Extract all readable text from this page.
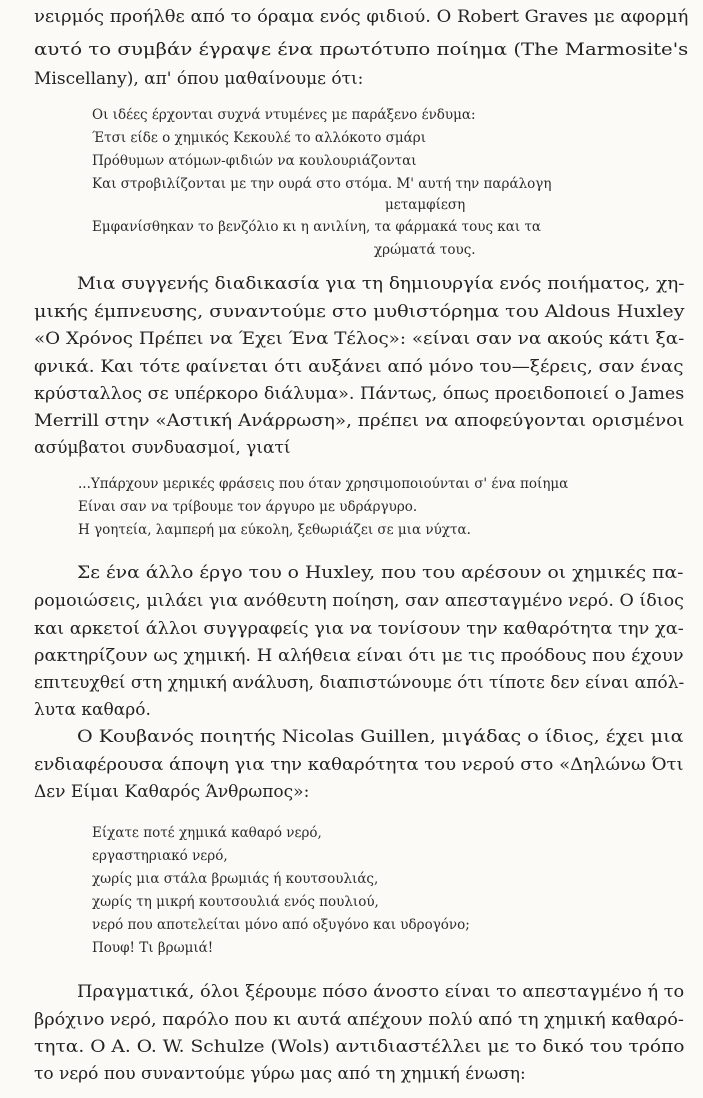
νειρμός προήλθε από το όραμα ενός φιδιού. O Robert Graves με αφορμή
αυτό το συμβάν έγραψε ένα πρωτότυπο ποίημα (The Marmosite's
Miscellany), απ' όπου μαθαίνουμε ότι:
Οι ιδέες έρχονται συχνά ντυμένες με παράξενο ένδυμα:
Έτσι είδε ο χημικός Κεκουλέ το αλλόκοτο σμάρι
Πρόθυμων ατόμων-φιδιών να κουλουριάζονται
Και στροβιλίζονται με την ουρά στο στόμα. Μ' αυτή την παράλογη
μεταμφίεση
Εμφανίσθηκαν το βενζόλιο κι η ανιλίνη, τα φάρμακά τους και τα
χρώματά τους.
Μια συγγενής διαδικασία για τη δημιουργία ενός ποιήματος, χη-
μικής έμπνευσης, συναντούμε στο μυθιστόρημα του Aldous Huxley
«Ο Χρόνος Πρέπει να Έχει Ένα Τέλος»: «είναι σαν να ακούς κάτι ξα-
φνικά. Και τότε φαίνεται ότι αυξάνει από μόνο του—ξέρεις, σαν ένας
κρύσταλλος σε υπέρκορο διάλυμα». Πάντως, όπως προειδοποιεί ο James
Merrill στην «Αστική Ανάρρωση», πρέπει να αποφεύγονται ορισμένοι
ασύμβατοι συνδυασμοί, γιατί
...Υπάρχουν μερικές φράσεις που όταν χρησιμοποιούνται σ' ένα ποίημα
Είναι σαν να τρίβουμε τον άργυρο με υδράργυρο.
Η γοητεία, λαμπερή μα εύκολη, ξεθωριάζει σε μια νύχτα.
Σε ένα άλλο έργο του ο Huxley, που του αρέσουν οι χημικές πα-
ρομοιώσεις, μιλάει για ανόθευτη ποίηση, σαν απεσταγμένο νερό. Ο ίδιος
και αρκετοί άλλοι συγγραφείς για να τονίσουν την καθαρότητα την χα-
ρακτηρίζουν ως χημική. Η αλήθεια είναι ότι με τις προόδους που έχουν
επιτευχθεί στη χημική ανάλυση, διαπιστώνουμε ότι τίποτε δεν είναι απόλ-
λυτα καθαρό.
Ο Κουβανός ποιητής Nicolas Guillen, μιγάδας ο ίδιος, έχει μια
ενδιαφέρουσα άποψη για την καθαρότητα του νερού στο «Δηλώνω Ότι
Δεν Είμαι Καθαρός Άνθρωπος»:
Είχατε ποτέ χημικά καθαρό νερό,
εργαστηριακό νερό,
χωρίς μια στάλα βρωμιάς ή κουτσουλιάς,
χωρίς τη μικρή κουτσουλιά ενός πουλιού,
νερό που αποτελείται μόνο από οξυγόνο και υδρογόνο;
Πουφ! Τι βρωμιά!
Πραγματικά, όλοι ξέρουμε πόσο άνοστο είναι το απεσταγμένο ή το
βρόχινο νερό, παρόλο που κι αυτά απέχουν πολύ από τη χημική καθαρό-
τητα. Ο A. O. W. Schulze (Wols) αντιδιαστέλλει με το δικό του τρόπο
το νερό που συναντούμε γύρω μας από τη χημική ένωση:
